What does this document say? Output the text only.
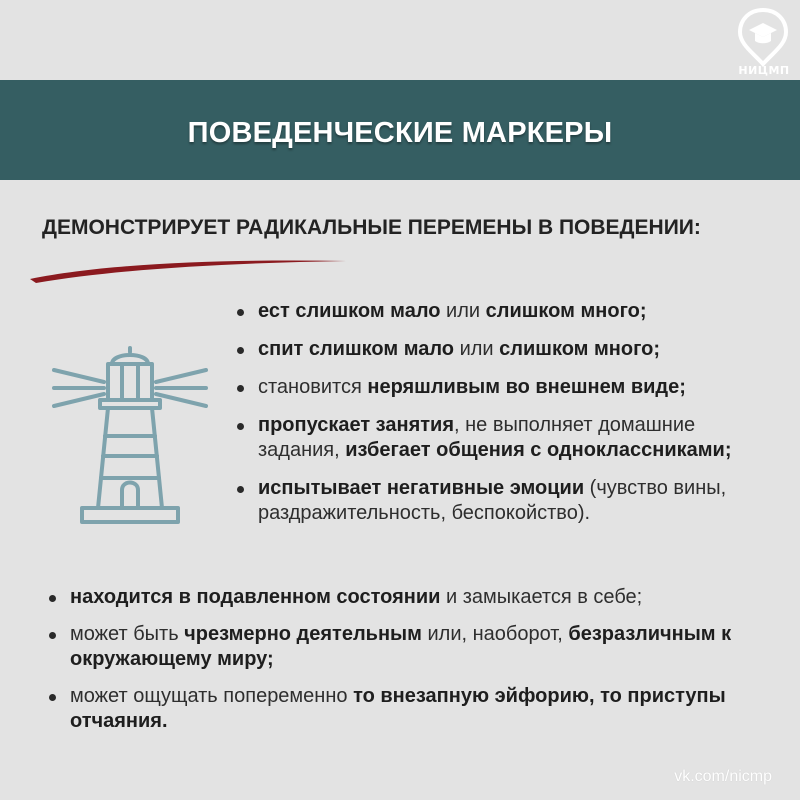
НИЦМП
ПОВЕДЕНЧЕСКИЕ МАРКЕРЫ
ДЕМОНСТРИРУЕТ РАДИКАЛЬНЫЕ ПЕРЕМЕНЫ В ПОВЕДЕНИИ:
ест слишком мало или слишком много;
спит слишком мало или слишком много;
становится неряшливым во внешнем виде;
пропускает занятия, не выполняет домашние задания, избегает общения с одноклассниками;
испытывает негативные эмоции (чувство вины, раздражительность, беспокойство).
находится в подавленном состоянии и замыкается в себе;
может быть чрезмерно деятельным или, наоборот, безразличным к окружающему миру;
может ощущать попеременно то внезапную эйфорию, то приступы отчаяния.
vk.com/nicmp
